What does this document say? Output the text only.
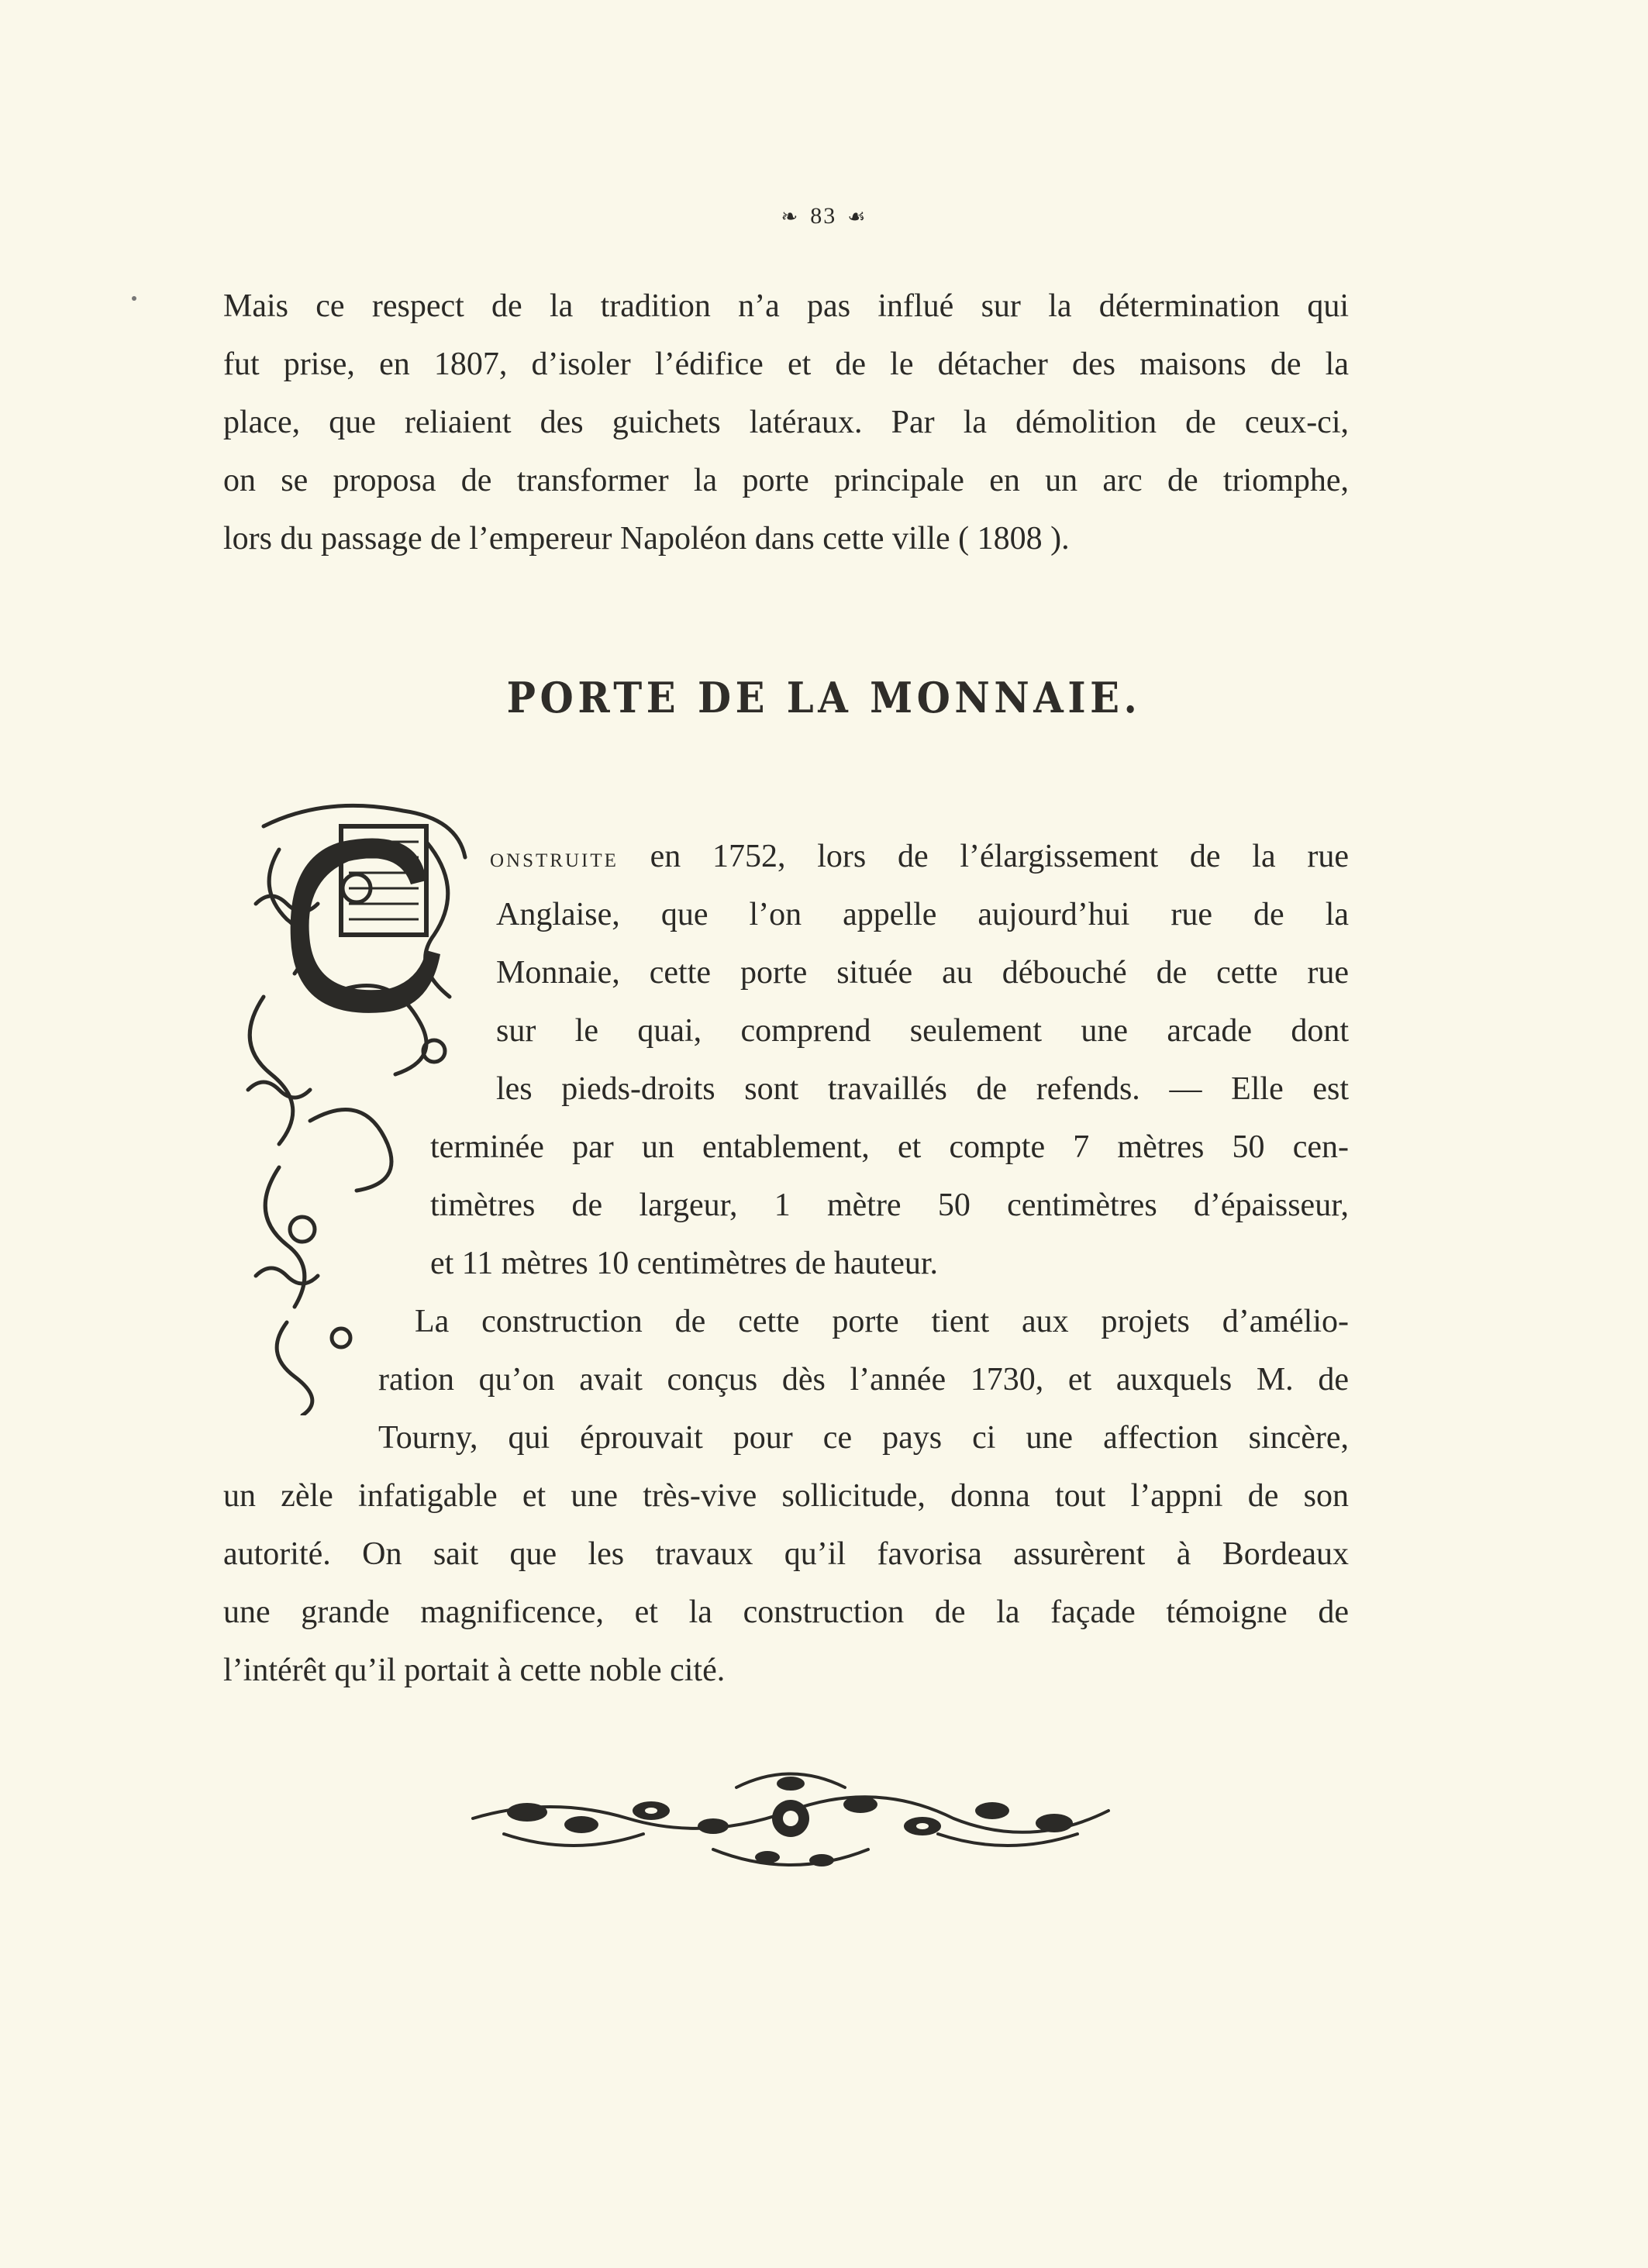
❧ 83 ☙
Mais ce respect de la tradition n’a pas influé sur la détermination qui
fut prise, en 1807, d’isoler l’édifice et de le détacher des maisons de la
place, que reliaient des guichets latéraux. Par la démolition de ceux-ci,
on se proposa de transformer la porte principale en un arc de triomphe,
lors du passage de l’empereur Napoléon dans cette ville ( 1808 ).
PORTE DE LA MONNAIE.
onstruite en 1752, lors de l’élargissement de la rue
Anglaise, que l’on appelle aujourd’hui rue de la
Monnaie, cette porte située au débouché de cette rue
sur le quai, comprend seulement une arcade dont
les pieds-droits sont travaillés de refends. — Elle est
terminée par un entablement, et compte 7 mètres 50 cen-
timètres de largeur, 1 mètre 50 centimètres d’épaisseur,
et 11 mètres 10 centimètres de hauteur.
La construction de cette porte tient aux projets d’amélio-
ration qu’on avait conçus dès l’année 1730, et auxquels M. de
Tourny, qui éprouvait pour ce pays ci une affection sincère,
un zèle infatigable et une très-vive sollicitude, donna tout l’appni de son
autorité. On sait que les travaux qu’il favorisa assurèrent à Bordeaux
une grande magnificence, et la construction de la façade témoigne de
l’intérêt qu’il portait à cette noble cité.
